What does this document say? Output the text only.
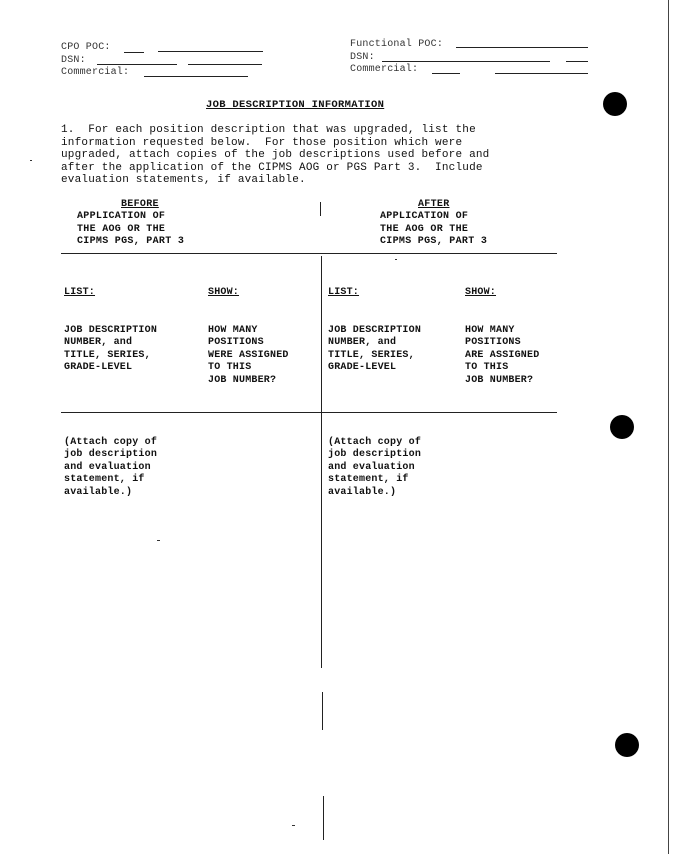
CPO POC:
DSN:
Commercial:
Functional POC:
DSN:
Commercial:
JOB DESCRIPTION INFORMATION
1.  For each position description that was upgraded, list the
information requested below.  For those position which were
upgraded, attach copies of the job descriptions used before and
after the application of the CIPMS AOG or PGS Part 3.  Include
evaluation statements, if available.
BEFORE
APPLICATION OF
THE AOG OR THE
CIPMS PGS, PART 3
AFTER
APPLICATION OF
THE AOG OR THE
CIPMS PGS, PART 3

LIST:

JOB DESCRIPTION
NUMBER, and
TITLE, SERIES,
GRADE-LEVEL

(Attach copy of
job description
and evaluation
statement, if
available.)

SHOW:

HOW MANY
POSITIONS
WERE ASSIGNED
TO THIS
JOB NUMBER?

LIST:

JOB DESCRIPTION
NUMBER, and
TITLE, SERIES,
GRADE-LEVEL

(Attach copy of
job description
and evaluation
statement, if
available.)

SHOW:

HOW MANY
POSITIONS
ARE ASSIGNED
TO THIS
JOB NUMBER?
